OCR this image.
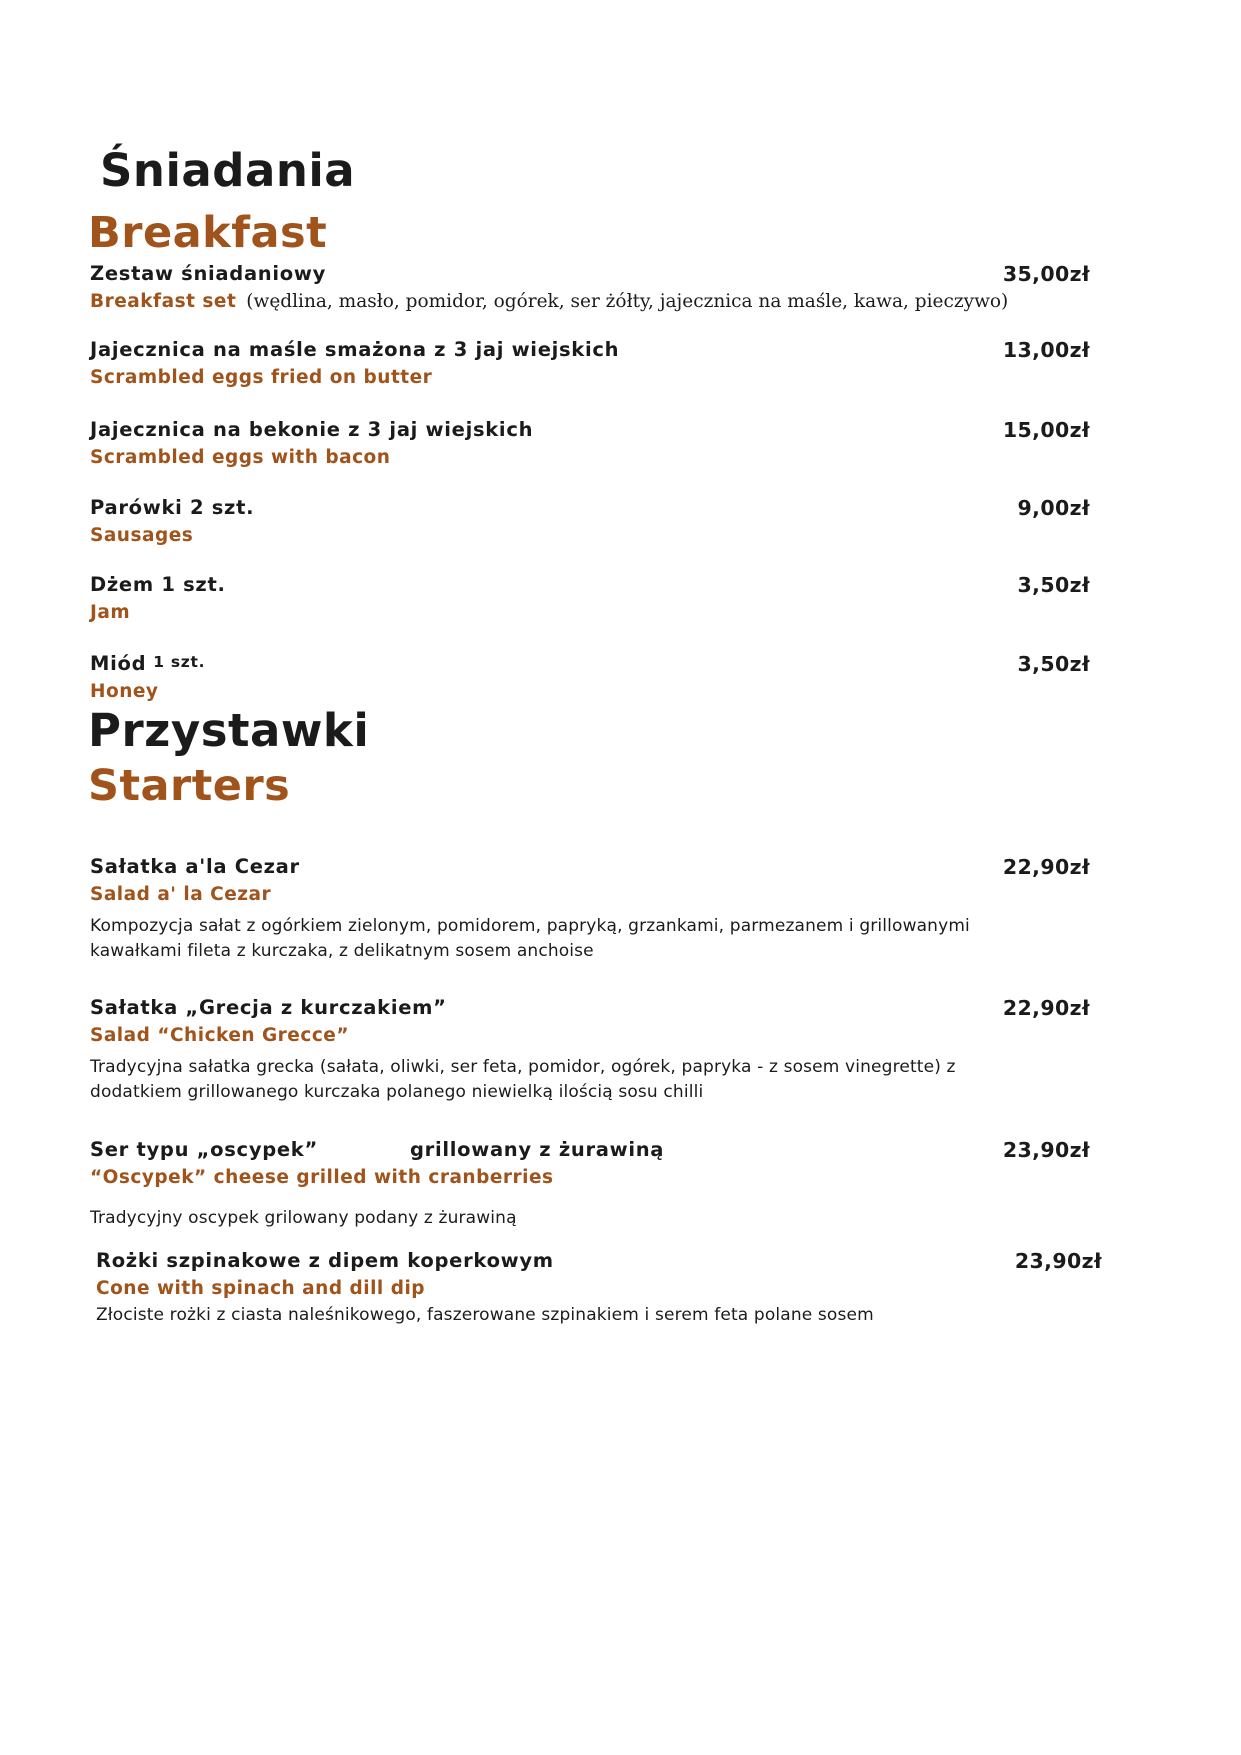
Śniadania
Breakfast
Zestaw śniadaniowy	35,00zł
Breakfast set (wędlina, masło, pomidor, ogórek, ser żółty, jajecznica na maśle, kawa, pieczywo)
Jajecznica na maśle smażona z 3 jaj wiejskich	13,00zł
Scrambled eggs fried on butter
Jajecznica na bekonie z 3 jaj wiejskich	15,00zł
Scrambled eggs with bacon
Parówki 2 szt.	9,00zł
Sausages
Dżem 1 szt.	3,50zł
Jam
Miód 1 szt.	3,50zł
Honey
Przystawki
Starters
Sałatka a'la Cezar	22,90zł
Salad a' la Cezar
Kompozycja sałat z ogórkiem zielonym, pomidorem, papryką, grzankami, parmezanem i grillowanymi kawałkami fileta z kurczaka, z delikatnym sosem anchoise
Sałatka „Grecja z kurczakiem”	22,90zł
Salad “Chicken Grecce”
Tradycyjna sałatka grecka (sałata, oliwki, ser feta, pomidor, ogórek, papryka - z sosem vinegrette) z dodatkiem grillowanego kurczaka polanego niewielką ilością sosu chilli
Ser typu „oscypek”	grillowany z żurawiną	23,90zł
“Oscypek” cheese grilled with cranberries
Tradycyjny oscypek grilowany podany z żurawiną
Rożki szpinakowe z dipem koperkowym	23,90zł
Cone with spinach and dill dip
Złociste rożki z ciasta naleśnikowego, faszerowane szpinakiem i serem feta polane sosem
